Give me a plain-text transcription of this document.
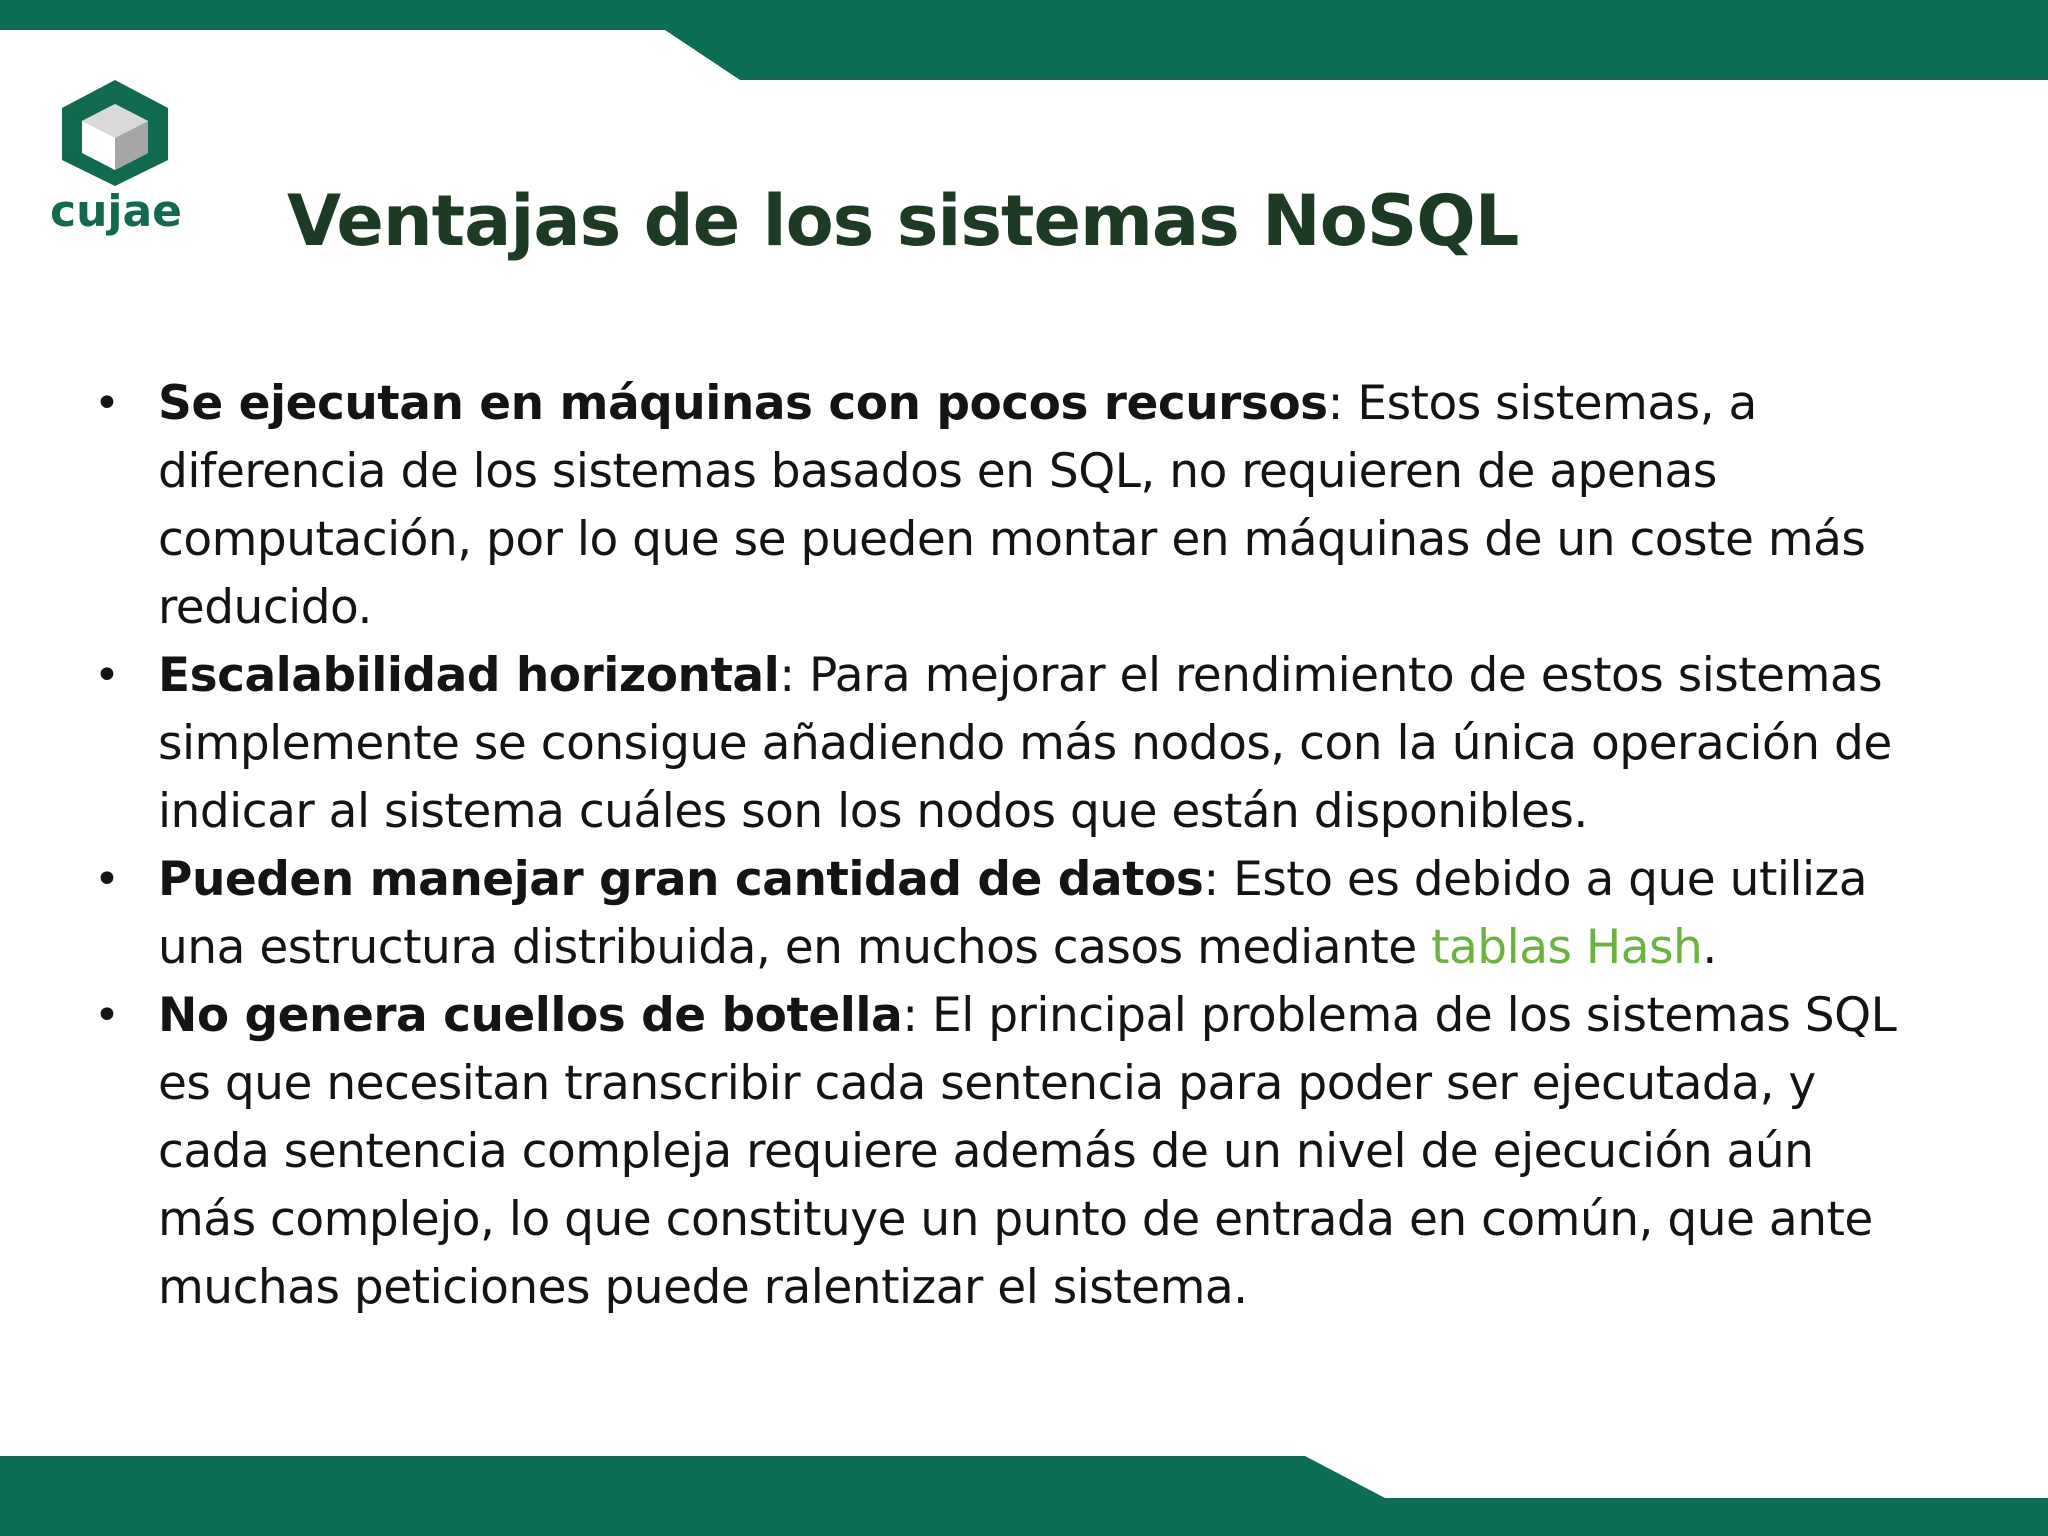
cujae Ventajas de los sistemas NoSQL
• Se ejecutan en máquinas con pocos recursos: Estos sistemas, a diferencia de los sistemas basados en SQL, no requieren de apenas computación, por lo que se pueden montar en máquinas de un coste más reducido.
• Escalabilidad horizontal: Para mejorar el rendimiento de estos sistemas simplemente se consigue añadiendo más nodos, con la única operación de indicar al sistema cuáles son los nodos que están disponibles.
• Pueden manejar gran cantidad de datos: Esto es debido a que utiliza una estructura distribuida, en muchos casos mediante tablas Hash.
• No genera cuellos de botella: El principal problema de los sistemas SQL es que necesitan transcribir cada sentencia para poder ser ejecutada, y cada sentencia compleja requiere además de un nivel de ejecución aún más complejo, lo que constituye un punto de entrada en común, que ante muchas peticiones puede ralentizar el sistema.
